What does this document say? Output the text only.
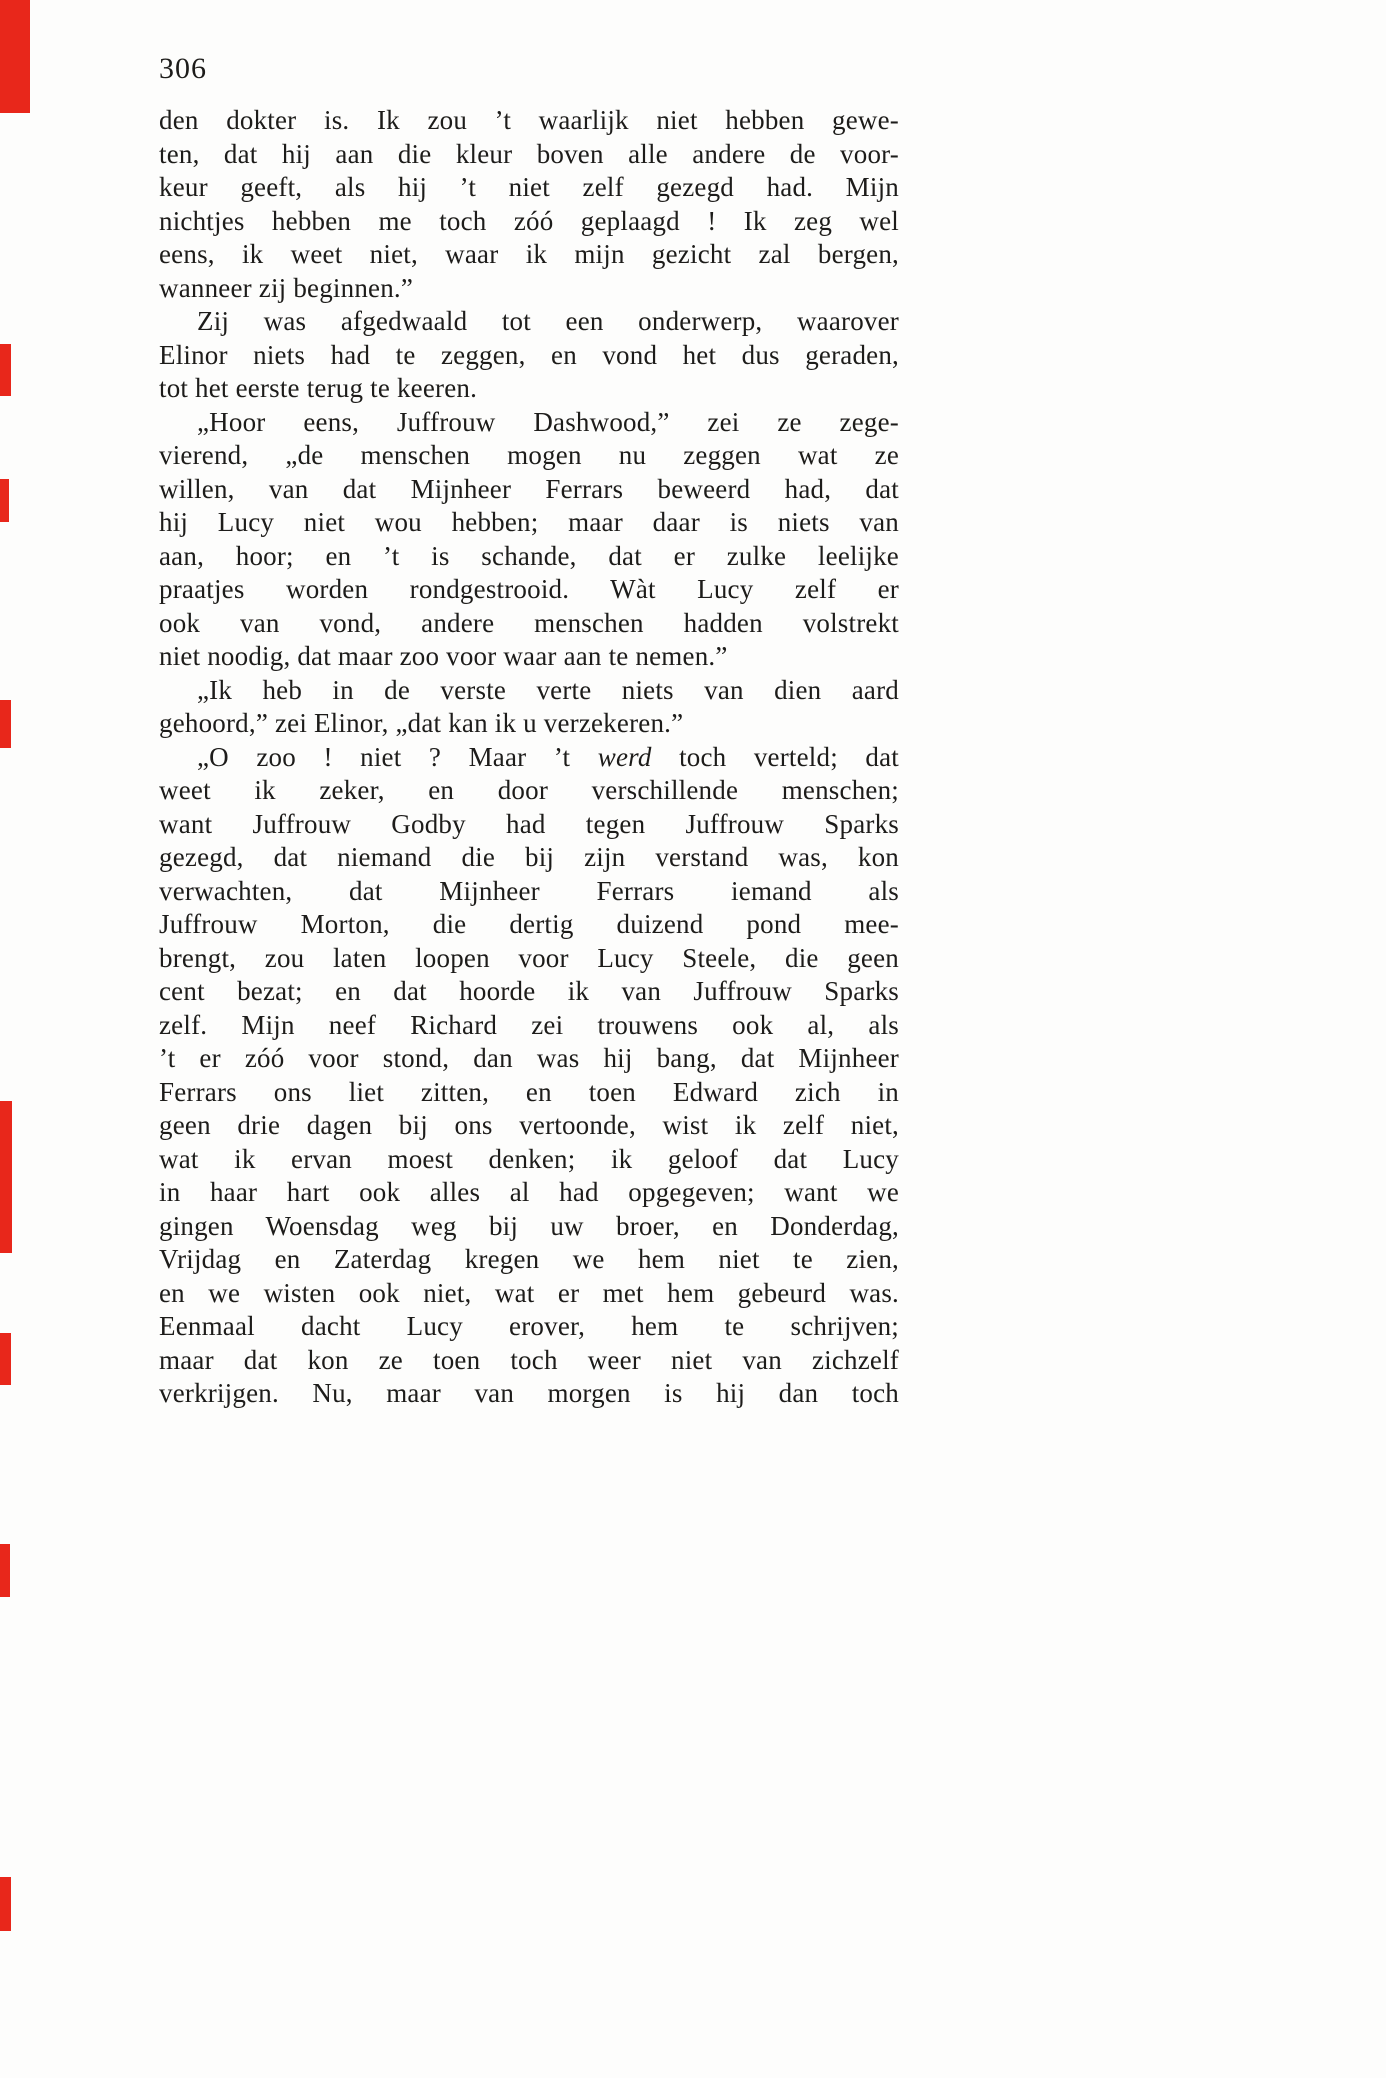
306
den dokter is. Ik zou ’t waarlijk niet hebben gewe-
ten, dat hij aan die kleur boven alle andere de voor-
keur geeft, als hij ’t niet zelf gezegd had. Mijn
nichtjes hebben me toch zóó geplaagd ! Ik zeg wel
eens, ik weet niet, waar ik mijn gezicht zal bergen,
wanneer zij beginnen.”
Zij was afgedwaald tot een onderwerp, waarover
Elinor niets had te zeggen, en vond het dus geraden,
tot het eerste terug te keeren.
„Hoor eens, Juffrouw Dashwood,” zei ze zege-
vierend, „de menschen mogen nu zeggen wat ze
willen, van dat Mijnheer Ferrars beweerd had, dat
hij Lucy niet wou hebben; maar daar is niets van
aan, hoor; en ’t is schande, dat er zulke leelijke
praatjes worden rondgestrooid. Wàt Lucy zelf er
ook van vond, andere menschen hadden volstrekt
niet noodig, dat maar zoo voor waar aan te nemen.”
„Ik heb in de verste verte niets van dien aard
gehoord,” zei Elinor, „dat kan ik u verzekeren.”
„O zoo ! niet ? Maar ’t werd toch verteld; dat
weet ik zeker, en door verschillende menschen;
want Juffrouw Godby had tegen Juffrouw Sparks
gezegd, dat niemand die bij zijn verstand was, kon
verwachten, dat Mijnheer Ferrars iemand als
Juffrouw Morton, die dertig duizend pond mee-
brengt, zou laten loopen voor Lucy Steele, die geen
cent bezat; en dat hoorde ik van Juffrouw Sparks
zelf. Mijn neef Richard zei trouwens ook al, als
’t er zóó voor stond, dan was hij bang, dat Mijnheer
Ferrars ons liet zitten, en toen Edward zich in
geen drie dagen bij ons vertoonde, wist ik zelf niet,
wat ik ervan moest denken; ik geloof dat Lucy
in haar hart ook alles al had opgegeven; want we
gingen Woensdag weg bij uw broer, en Donderdag,
Vrijdag en Zaterdag kregen we hem niet te zien,
en we wisten ook niet, wat er met hem gebeurd was.
Eenmaal dacht Lucy erover, hem te schrijven;
maar dat kon ze toen toch weer niet van zichzelf
verkrijgen. Nu, maar van morgen is hij dan toch
